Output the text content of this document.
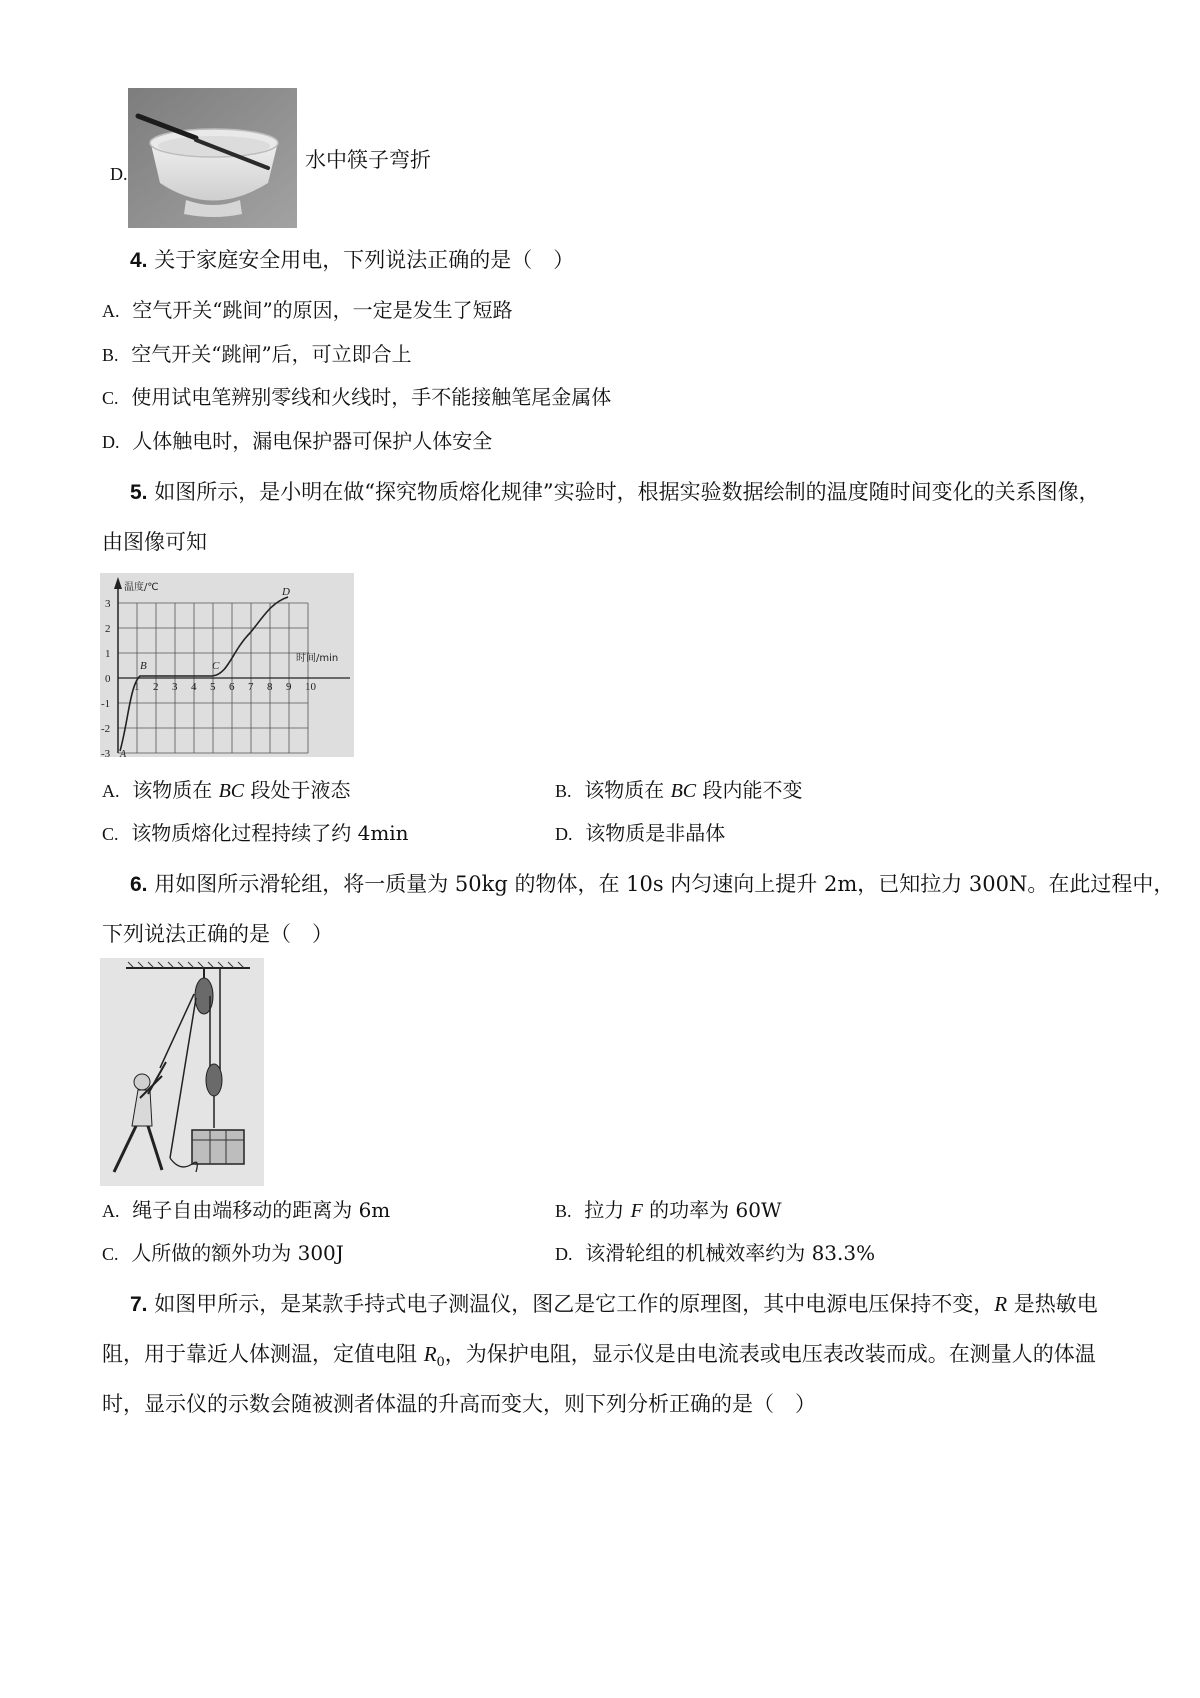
D.
水中筷子弯折
4. 关于家庭安全用电，下列说法正确的是（　）
A. 空气开关“跳间”的原因，一定是发生了短路
B. 空气开关“跳闸”后，可立即合上
C. 使用试电笔辨别零线和火线时，手不能接触笔尾金属体
D. 人体触电时，漏电保护器可保护人体安全
5. 如图所示，是小明在做“探究物质熔化规律”实验时，根据实验数据绘制的温度随时间变化的关系图像，
由图像可知
温度/℃
时间/min
1 2 3 4 5 6 7 8 9 10
3
2
1
0
-1
-2
-3 A
B	C
D
A. 该物质在 BC 段处于液态	B. 该物质在 BC 段内能不变
C. 该物质熔化过程持续了约 4min	D. 该物质是非晶体
6. 用如图所示滑轮组，将一质量为 50kg 的物体，在 10s 内匀速向上提升 2m，已知拉力 300N。在此过程中，
下列说法正确的是（　）
A. 绳子自由端移动的距离为 6m	B. 拉力 F 的功率为 60W
C. 人所做的额外功为 300J	D. 该滑轮组的机械效率约为 83.3%
7. 如图甲所示，是某款手持式电子测温仪，图乙是它工作的原理图，其中电源电压保持不变，R 是热敏电
阻，用于靠近人体测温，定值电阻 $R_0$，为保护电阻，显示仪是由电流表或电压表改装而成。在测量人的体温
时，显示仪的示数会随被测者体温的升高而变大，则下列分析正确的是（　）
